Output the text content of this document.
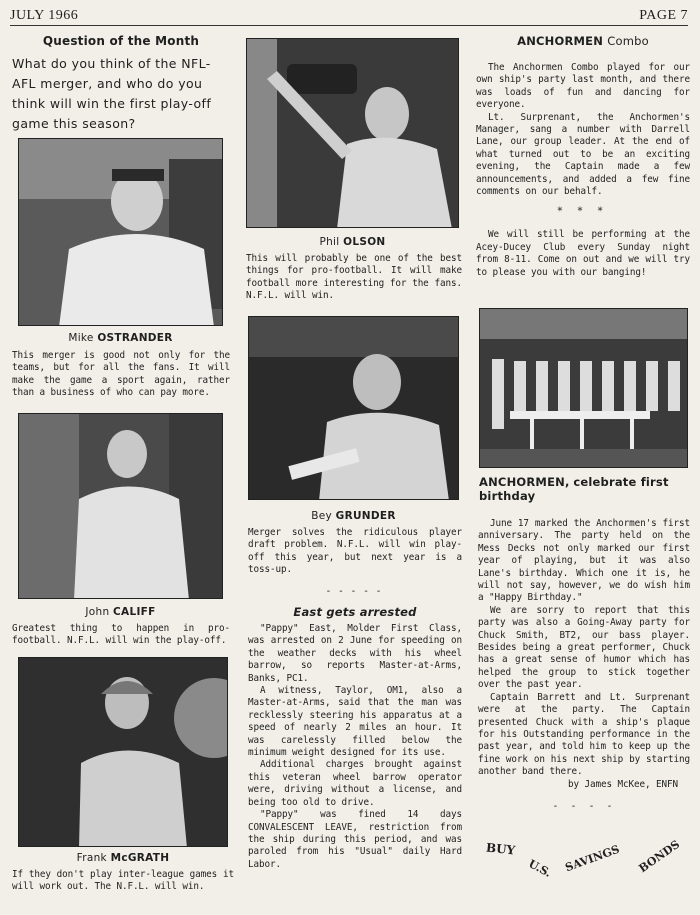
JULY 1966	PAGE 7
Question of the Month
What do you think of the NFL-AFL merger, and who do you think will win the first play-off game this season?
Mike OSTRANDER

This merger is good not only for the teams, but for all the fans. It will make the game a sport again, rather than a business of who can pay more.

John CALIFF

Greatest thing to happen in pro-football. N.F.L. will win the play-off.

Frank McGRATH

If they don't play inter-league games it will work out. The N.F.L. will win.

Phil OLSON

This will probably be one of the best things for pro-football. It will make football more interesting for the fans. N.F.L. will win.

Bey GRUNDER

Merger solves the ridiculous player draft problem. N.F.L. will win play-off this year, but next year is a toss-up.

- - - - -
East gets arrested

"Pappy" East, Molder First Class, was arrested on 2 June for speeding on the weather decks with his wheel barrow, so reports Master-at-Arms, Banks, PC1.

A witness, Taylor, OM1, also a Master-at-Arms, said that the man was recklessly steering his apparatus at a speed of nearly 2 miles an hour. It was carelessly filled below the minimum weight designed for its use.

Additional charges brought against this veteran wheel barrow operator were, driving without a license, and being too old to drive.

"Pappy" was fined 14 days CONVALESCENT LEAVE, restriction from the ship during this period, and was paroled from his "Usual" daily Hard Labor.

ANCHORMEN Combo

The Anchormen Combo played for our own ship's party last month, and there was loads of fun and dancing for everyone.

Lt. Surprenant, the Anchormen's Manager, sang a number with Darrell Lane, our group leader. At the end of what turned out to be an exciting evening, the Captain made a few announcements, and added a few fine comments on our behalf.

* * *

We will still be performing at the Acey-Ducey Club every Sunday night from 8-11. Come on out and we will try to please you with our banging!

ANCHORMEN, celebrate first birthday

June 17 marked the Anchormen's first anniversary. The party held on the Mess Decks not only marked our first year of playing, but it was also Lane's birthday. Which one it is, he will not say, however, we do wish him a "Happy Birthday."

We are sorry to report that this party was also a Going-Away party for Chuck Smith, BT2, our bass player. Besides being a great performer, Chuck has a great sense of humor which has helped the group to stick together over the past year.

Captain Barrett and Lt. Surprenant were at the party. The Captain presented Chuck with a ship's plaque for his Outstanding performance in the past year, and told him to keep up the fine work on his next ship by starting another band there.

by James McKee, ENFN

- - - -

BUY
U.S. SAVINGS BONDS
